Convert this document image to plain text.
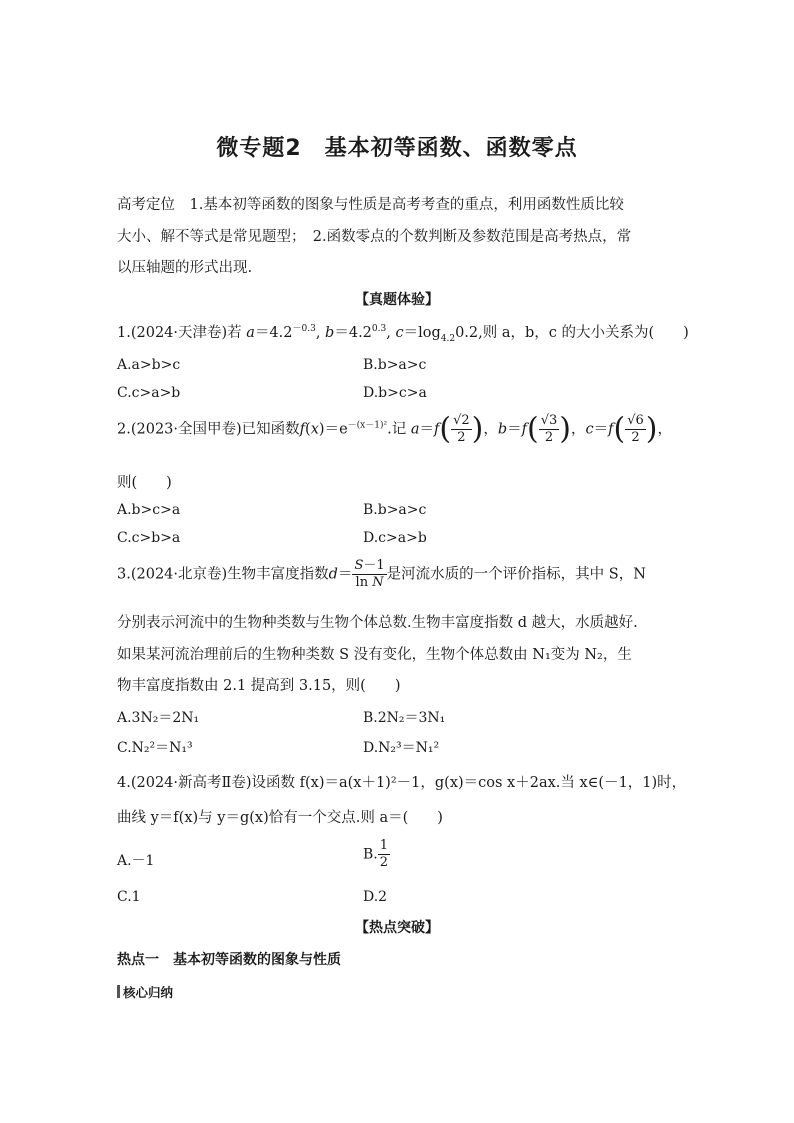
微专题2　基本初等函数、函数零点
高考定位　1.基本初等函数的图象与性质是高考考查的重点，利用函数性质比较
大小、解不等式是常见题型；　2.函数零点的个数判断及参数范围是高考热点，常
以压轴题的形式出现.
【真题体验】
1.(2024·天津卷)若 $a=4.2^{-0.3}$, $b=4.2^{0.3}$, $c=\log_{4.2}0.2$,则 a，b，c 的大小关系为(　　)
A.a>b>c	B.b>a>c
C.c>a>b	D.b>c>a
2.(2023·全国甲卷)已知函数$f(x)=e^{-(x-1)^2}$.记 $a=f( \frac{√2}{2}$ )，$b=f( \frac{√3}{2}$ )，$c=f( \frac{√6}{2}$ )，
则(　　)
A.b>c>a	B.b>a>c
C.c>b>a	D.c>a>b
3.(2024·北京卷)生物丰富度指数$d= \frac{S-1}{\text{ln N}}$ 是河流水质的一个评价指标，其中 S，N
分别表示河流中的生物种类数与生物个体总数.生物丰富度指数 d 越大，水质越好.
如果某河流治理前后的生物种类数 S 没有变化，生物个体总数由 N₁变为 N₂，生
物丰富度指数由 2.1 提高到 3.15，则(　　)
A.3N₂＝2N₁	B.2N₂＝3N₁
C.N₂²＝N₁³	D.N₂³＝N₁²
4.(2024·新高考Ⅱ卷)设函数 f(x)＝a(x＋1)²－1，g(x)＝cos x＋2ax.当 x∈(－1，1)时，
曲线 y＝f(x)与 y＝g(x)恰有一个交点.则 a＝(　　)
A.－1	B. $\frac{1}{2}$
C.1	D.2
【热点突破】
热点一　基本初等函数的图象与性质
核心归纳
